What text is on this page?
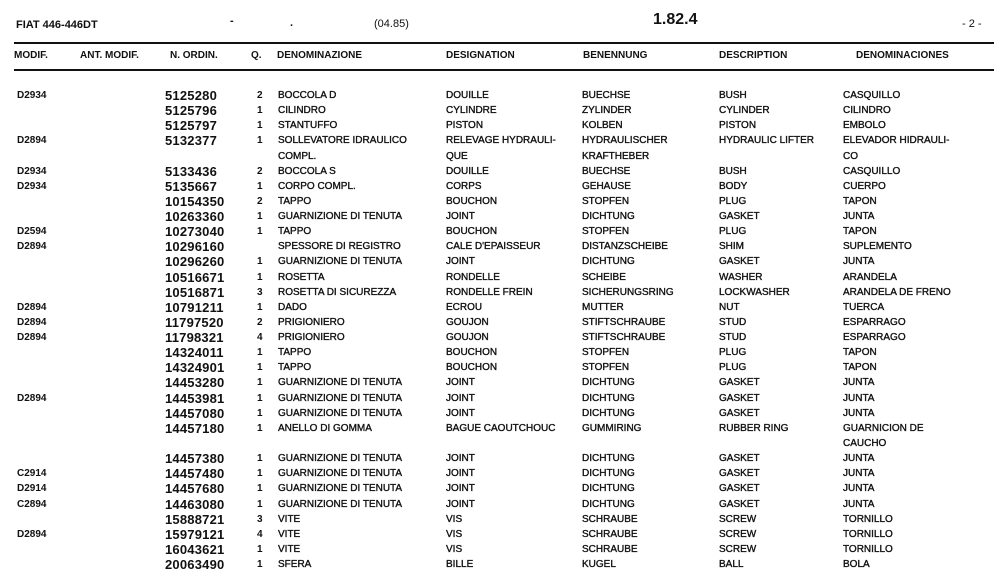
FIAT 446-446DT	-	.	(04.85)	1.82.4	- 2 -
MODIF.	ANT. MODIF.	N. ORDIN.	Q. DENOMINAZIONE	DESIGNATION	BENENNUNG	DESCRIPTION	DENOMINACIONES
D2934	5125280	2 BOCCOLA D	DOUILLE	BUECHSE	BUSH	CASQUILLO
5125796	1 CILINDRO	CYLINDRE	ZYLINDER	CYLINDER	CILINDRO
5125797	1 STANTUFFO	PISTON	KOLBEN	PISTON	EMBOLO
D2894	5132377	1 SOLLEVATORE IDRAULICO	RELEVAGE HYDRAULI-	HYDRAULISCHER	HYDRAULIC LIFTER	ELEVADOR HIDRAULI-
COMPL.	QUE	KRAFTHEBER	CO
D2934	5133436	2 BOCCOLA S	DOUILLE	BUECHSE	BUSH	CASQUILLO
D2934	5135667	1 CORPO COMPL.	CORPS	GEHAUSE	BODY	CUERPO
10154350	2 TAPPO	BOUCHON	STOPFEN	PLUG	TAPON
10263360	1 GUARNIZIONE DI TENUTA	JOINT	DICHTUNG	GASKET	JUNTA
D2594	10273040	1 TAPPO	BOUCHON	STOPFEN	PLUG	TAPON
D2894	10296160	SPESSORE DI REGISTRO	CALE D'EPAISSEUR	DISTANZSCHEIBE	SHIM	SUPLEMENTO
10296260	1 GUARNIZIONE DI TENUTA	JOINT	DICHTUNG	GASKET	JUNTA
10516671	1 ROSETTA	RONDELLE	SCHEIBE	WASHER	ARANDELA
10516871	3 ROSETTA DI SICUREZZA	RONDELLE FREIN	SICHERUNGSRING	LOCKWASHER	ARANDELA DE FRENO
D2894	10791211	1 DADO	ECROU	MUTTER	NUT	TUERCA
D2894	11797520	2 PRIGIONIERO	GOUJON	STIFTSCHRAUBE	STUD	ESPARRAGO
D2894	11798321	4 PRIGIONIERO	GOUJON	STIFTSCHRAUBE	STUD	ESPARRAGO
14324011	1 TAPPO	BOUCHON	STOPFEN	PLUG	TAPON
14324901	1 TAPPO	BOUCHON	STOPFEN	PLUG	TAPON
14453280	1 GUARNIZIONE DI TENUTA	JOINT	DICHTUNG	GASKET	JUNTA
D2894	14453981	1 GUARNIZIONE DI TENUTA	JOINT	DICHTUNG	GASKET	JUNTA
14457080	1 GUARNIZIONE DI TENUTA	JOINT	DICHTUNG	GASKET	JUNTA
14457180	1 ANELLO DI GOMMA	BAGUE CAOUTCHOUC	GUMMIRING	RUBBER RING	GUARNICION DE
CAUCHO
14457380	1 GUARNIZIONE DI TENUTA	JOINT	DICHTUNG	GASKET	JUNTA
C2914	14457480	1 GUARNIZIONE DI TENUTA	JOINT	DICHTUNG	GASKET	JUNTA
D2914	14457680	1 GUARNIZIONE DI TENUTA	JOINT	DICHTUNG	GASKET	JUNTA
C2894	14463080	1 GUARNIZIONE DI TENUTA	JOINT	DICHTUNG	GASKET	JUNTA
15888721	3 VITE	VIS	SCHRAUBE	SCREW	TORNILLO
D2894	15979121	4 VITE	VIS	SCHRAUBE	SCREW	TORNILLO
16043621	1 VITE	VIS	SCHRAUBE	SCREW	TORNILLO
20063490	1 SFERA	BILLE	KUGEL	BALL	BOLA
